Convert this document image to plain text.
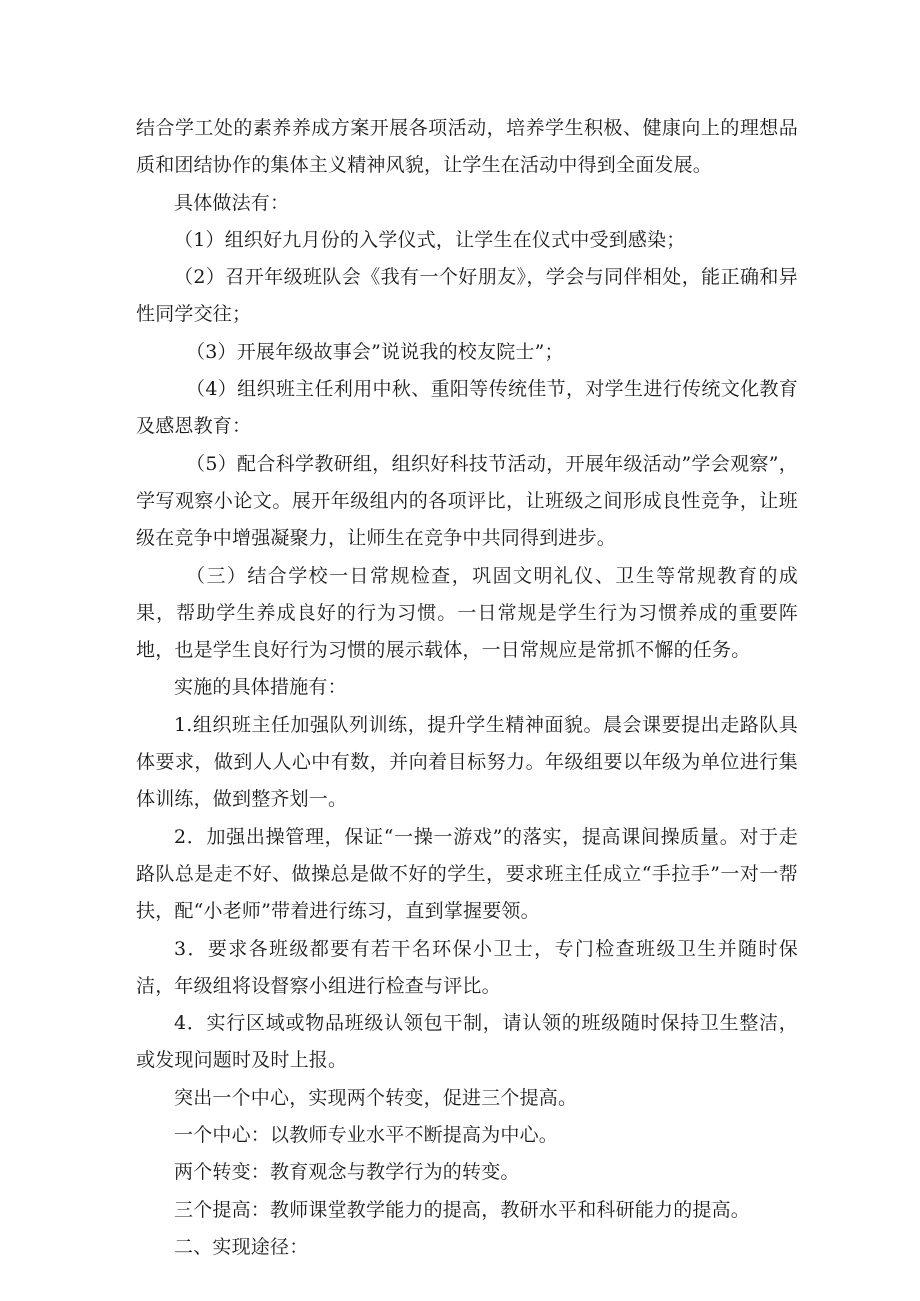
结合学工处的素养养成方案开展各项活动，培养学生积极、健康向上的理想品质和团结协作的集体主义精神风貌，让学生在活动中得到全面发展。

具体做法有：

（1）组织好九月份的入学仪式，让学生在仪式中受到感染；

（2）召开年级班队会《我有一个好朋友》，学会与同伴相处，能正确和异性同学交往；

（3）开展年级故事会”说说我的校友院士”；

（4）组织班主任利用中秋、重阳等传统佳节，对学生进行传统文化教育及感恩教育：

（5）配合科学教研组，组织好科技节活动，开展年级活动”学会观察”，学写观察小论文。展开年级组内的各项评比，让班级之间形成良性竞争，让班级在竞争中增强凝聚力，让师生在竞争中共同得到进步。

（三）结合学校一日常规检查，巩固文明礼仪、卫生等常规教育的成果，帮助学生养成良好的行为习惯。一日常规是学生行为习惯养成的重要阵地，也是学生良好行为习惯的展示载体，一日常规应是常抓不懈的任务。

实施的具体措施有：

1.组织班主任加强队列训练，提升学生精神面貌。晨会课要提出走路队具体要求，做到人人心中有数，并向着目标努力。年级组要以年级为单位进行集体训练，做到整齐划一。

2．加强出操管理，保证“一操一游戏”的落实，提高课间操质量。对于走路队总是走不好、做操总是做不好的学生，要求班主任成立“手拉手”一对一帮扶，配“小老师”带着进行练习，直到掌握要领。

3．要求各班级都要有若干名环保小卫士，专门检查班级卫生并随时保洁，年级组将设督察小组进行检查与评比。

4．实行区域或物品班级认领包干制，请认领的班级随时保持卫生整洁，或发现问题时及时上报。

突出一个中心，实现两个转变，促进三个提高。

一个中心：以教师专业水平不断提高为中心。

两个转变：教育观念与教学行为的转变。

三个提高：教师课堂教学能力的提高，教研水平和科研能力的提高。

二、实现途径：
